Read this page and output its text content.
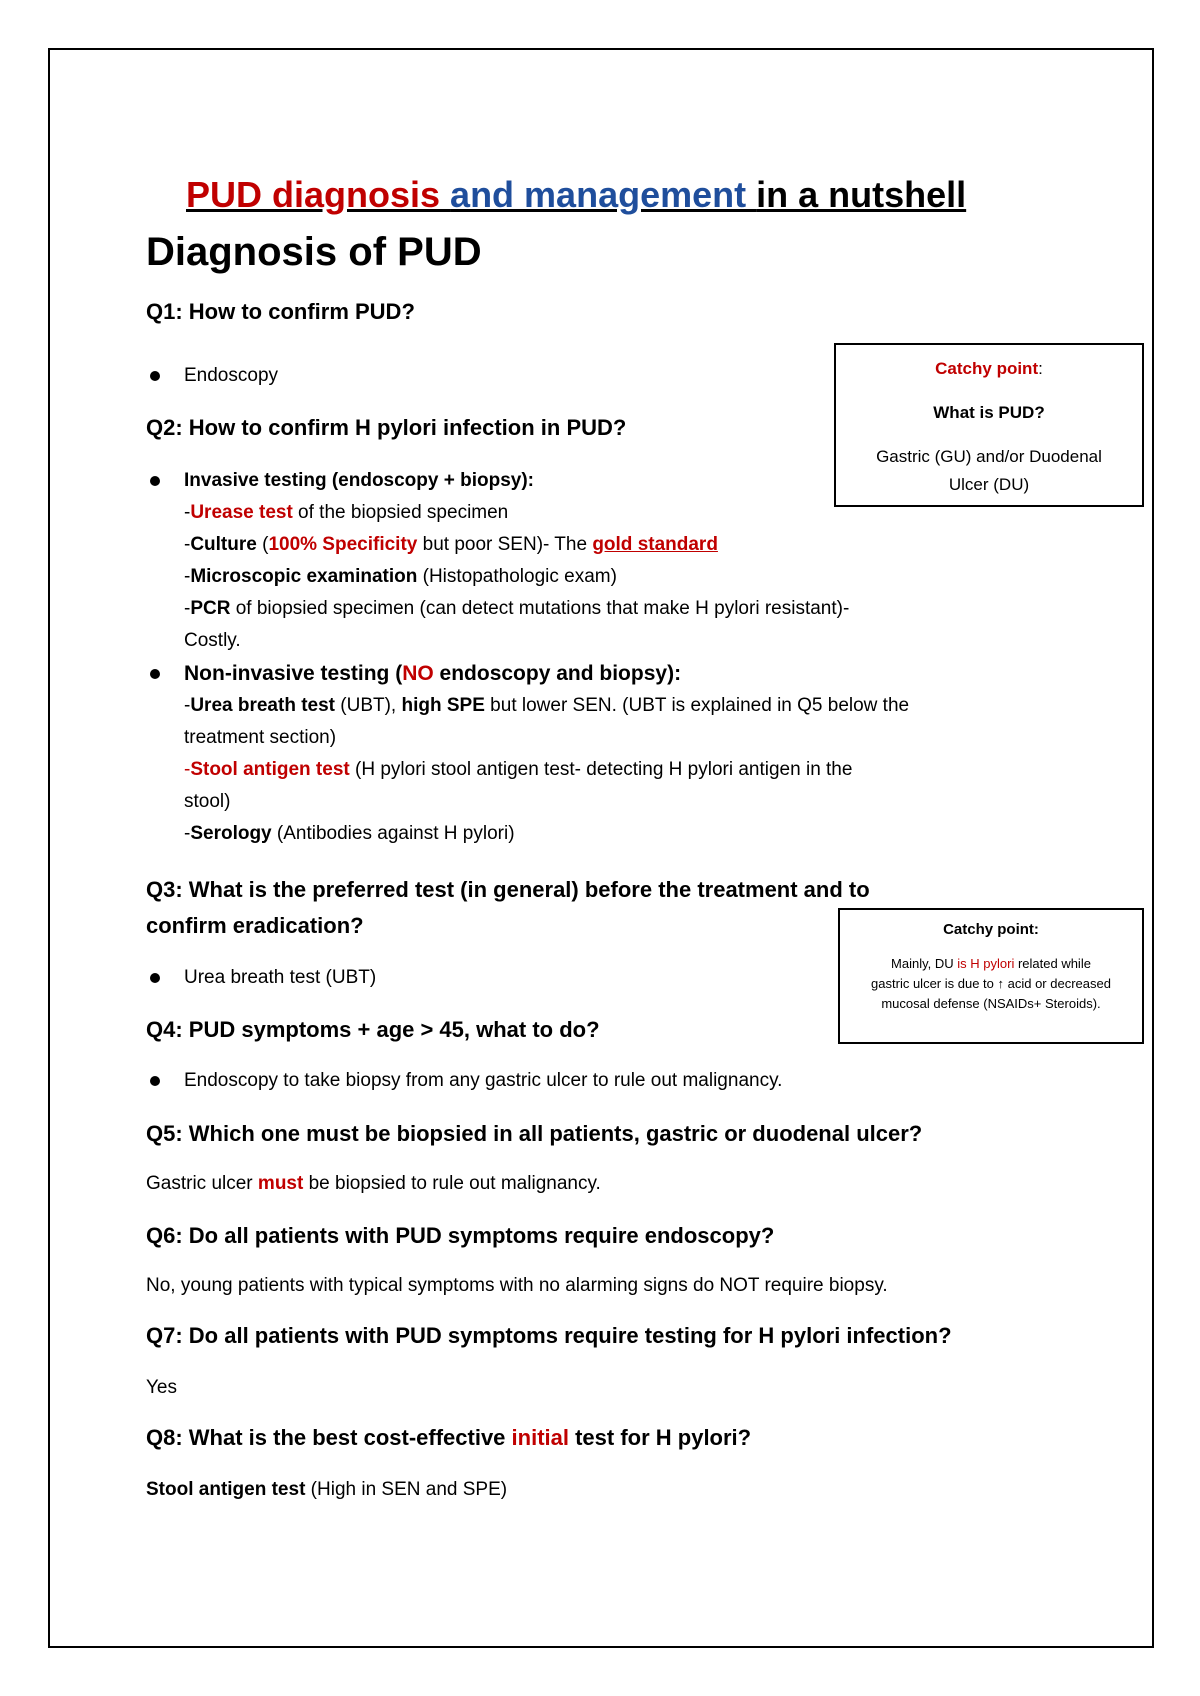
PUD diagnosis and management in a nutshell
Diagnosis of PUD

Q1: How to confirm PUD?

Endoscopy

Q2: How to confirm H pylori infection in PUD?

Invasive testing (endoscopy + biopsy):
-Urease test of the biopsied specimen
-Culture (100% Specificity but poor SEN)- The gold standard
-Microscopic examination (Histopathologic exam)
-PCR of biopsied specimen (can detect mutations that make H pylori resistant)-
Costly.
Non-invasive testing (NO endoscopy and biopsy):
-Urea breath test (UBT), high SPE but lower SEN. (UBT is explained in Q5 below the
treatment section)
-Stool antigen test (H pylori stool antigen test- detecting H pylori antigen in the
stool)
-Serology (Antibodies against H pylori)

Q3: What is the preferred test (in general) before the treatment and to
confirm eradication?

Urea breath test (UBT)

Q4: PUD symptoms + age > 45, what to do?

Endoscopy to take biopsy from any gastric ulcer to rule out malignancy.

Q5: Which one must be biopsied in all patients, gastric or duodenal ulcer?

Gastric ulcer must be biopsied to rule out malignancy.

Q6: Do all patients with PUD symptoms require endoscopy?

No, young patients with typical symptoms with no alarming signs do NOT require biopsy.

Q7: Do all patients with PUD symptoms require testing for H pylori infection?

Yes

Q8: What is the best cost-effective initial test for H pylori?

Stool antigen test (High in SEN and SPE)

Catchy point:

What is PUD?

Gastric (GU) and/or Duodenal

Ulcer (DU)

Catchy point:

Mainly, DU is H pylori related while

gastric ulcer is due to ↑ acid or decreased

mucosal defense (NSAIDs+ Steroids).
